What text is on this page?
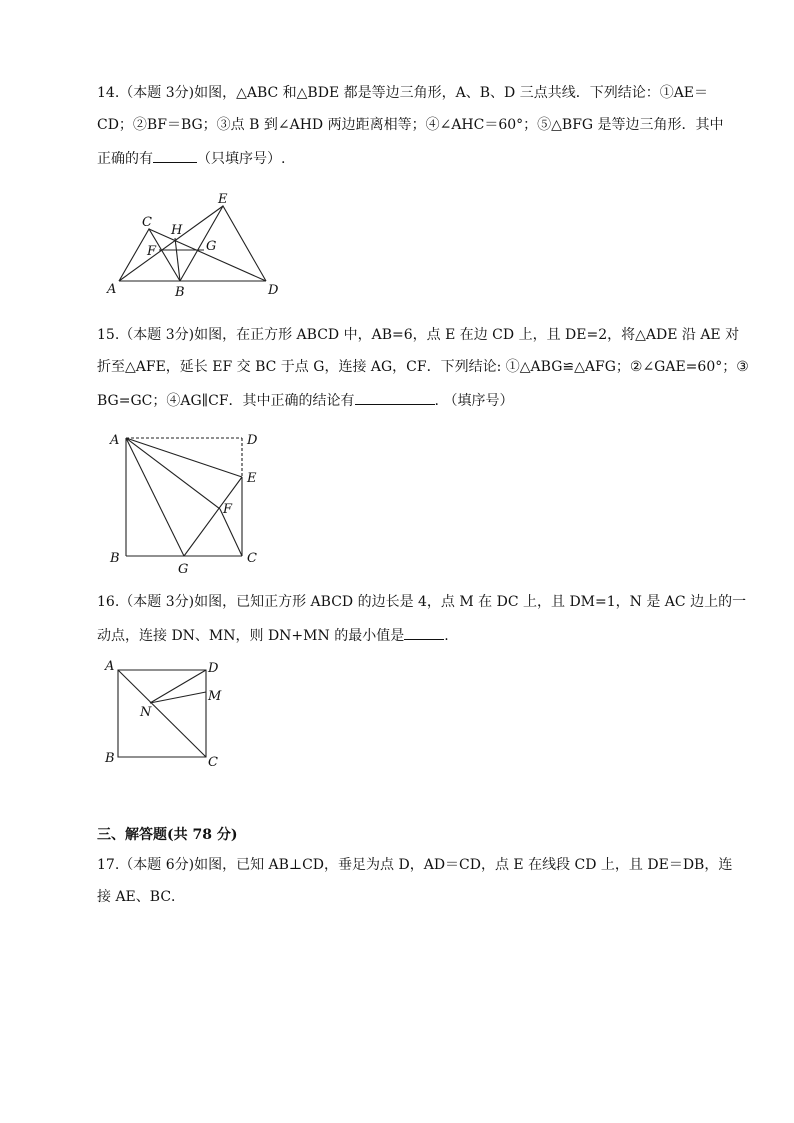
14.（本题 3分)如图，△ABC 和△BDE 都是等边三角形，A、B、D 三点共线．下列结论：①AE＝
CD；②BF＝BG；③点 B 到∠AHD 两边距离相等；④∠AHC＝60°；⑤△BFG 是等边三角形．其中
正确的有	（只填序号）.
A	B
C
D
E
F	G
H
15.（本题 3分)如图，在正方形 ABCD 中，AB=6，点 E 在边 CD 上，且 DE=2，将△ADE 沿 AE 对
折至△AFE，延长 EF 交 BC 于点 G，连接 AG，CF．下列结论: ①△ABG≌△AFG；②∠GAE=60°；③
BG=GC；④AG∥CF．其中正确的结论有	. （填序号）
A
B	C
D
E
F
G
16.（本题 3分)如图，已知正方形 ABCD 的边长是 4，点 M 在 DC 上，且 DM=1，N 是 AC 边上的一
动点，连接 DN、MN，则 DN+MN 的最小值是	.
A
B	C
D
M
N
三、解答题(共 78 分)
17.（本题 6分)如图，已知 AB⊥CD，垂足为点 D，AD＝CD，点 E 在线段 CD 上，且 DE＝DB，连
接 AE、BC．
